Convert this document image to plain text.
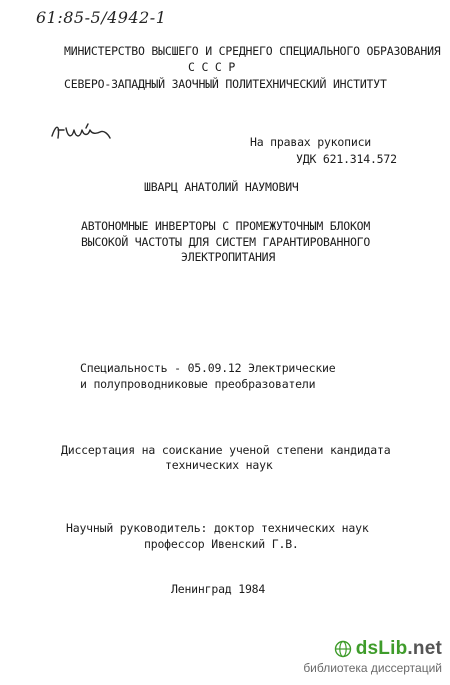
61:85-5/4942-1
МИНИСТЕРСТВО ВЫСШЕГО И СРЕДНЕГО СПЕЦИАЛЬНОГО ОБРАЗОВАНИЯ
С С С Р
СЕВЕРО-ЗАПАДНЫЙ ЗАОЧНЫЙ ПОЛИТЕХНИЧЕСКИЙ ИНСТИТУТ
На правах рукописи
УДК 621.314.572
ШВАРЦ АНАТОЛИЙ НАУМОВИЧ
АВТОНОМНЫЕ ИНВЕРТОРЫ С ПРОМЕЖУТОЧНЫМ БЛОКОМ
ВЫСОКОЙ ЧАСТОТЫ ДЛЯ СИСТЕМ ГАРАНТИРОВАННОГО
ЭЛЕКТРОПИТАНИЯ
Специальность - 05.09.12 Электрические
и полупроводниковые преобразователи
Диссертация на соискание ученой степени кандидата
технических наук
Научный руководитель: доктор технических наук
профессор Ивенский Г.В.
Ленинград 1984
dsLib.net
библиотека диссертаций
